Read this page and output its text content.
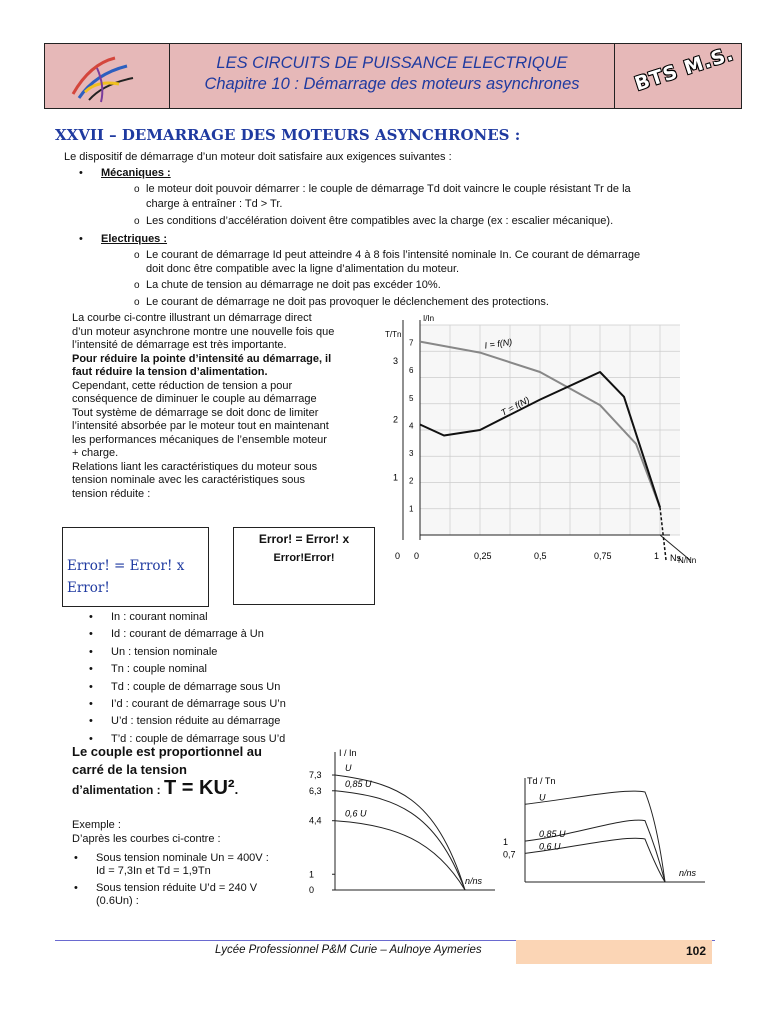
LES CIRCUITS DE PUISSANCE ELECTRIQUE
Chapitre 10 : Démarrage des moteurs asynchrones	BTS M.S.
XXVII – DEMARRAGE DES MOTEURS ASYNCHRONES :
Le dispositif de démarrage d’un moteur doit satisfaire aux exigences suivantes :
• Mécaniques :
o le moteur doit pouvoir démarrer : le couple de démarrage Td doit vaincre le couple résistant Tr de la
charge à entraîner : Td > Tr.
o Les conditions d’accélération doivent être compatibles avec la charge (ex : escalier mécanique).
• Electriques :
o Le courant de démarrage Id peut atteindre 4 à 8 fois l’intensité nominale In. Ce courant de démarrage
doit donc être compatible avec la ligne d’alimentation du moteur.
o La chute de tension au démarrage ne doit pas excéder 10%.
o Le courant de démarrage ne doit pas provoquer le déclenchement des protections.
La courbe ci-contre illustrant un démarrage direct
d’un moteur asynchrone montre une nouvelle fois que
l’intensité de démarrage est très importante.
Pour réduire la pointe d’intensité au démarrage, il
faut réduire la tension d’alimentation.
Cependant, cette réduction de tension a pour
conséquence de diminuer le couple au démarrage
Tout système de démarrage se doit donc de limiter
l’intensité absorbée par le moteur tout en maintenant
les performances mécaniques de l’ensemble moteur
+ charge.
Relations liant les caractéristiques du moteur sous
tension nominale avec les caractéristiques sous
tension réduite :
Error! = Error! x
Error!
Error! = Error! x
Error!Error!
• In : courant nominal
• Id : courant de démarrage à Un
• Un : tension nominale
• Tn : couple nominal
• Td : couple de démarrage sous Un
• I’d : courant de démarrage sous U’n
• U’d : tension réduite au démarrage
• T’d : couple de démarrage sous U’d
Le couple est proportionnel au
carré de la tension
d’alimentation : T = KU².
Exemple :
D’après les courbes ci-contre :
• Sous tension nominale Un = 400V :
Id = 7,3In et Td = 1,9Tn
• Sous tension réduite U’d = 240 V
(0.6Un) :
T/Tn
I/In
N/Nn
0	0,25	0,5	0,75	1 Ns
0
1
2
3
1
2
3
4
5
6
7	I = f(N)
T = f(N)
I / In
n/ns
7,3
6,3
4,4
1
0
U
0,85 U
0,6 U
Td / Tn
n/ns
1
0,7
U
0,85 U
0,6 U
Lycée Professionnel P&M Curie – Aulnoye Aymeries	102
